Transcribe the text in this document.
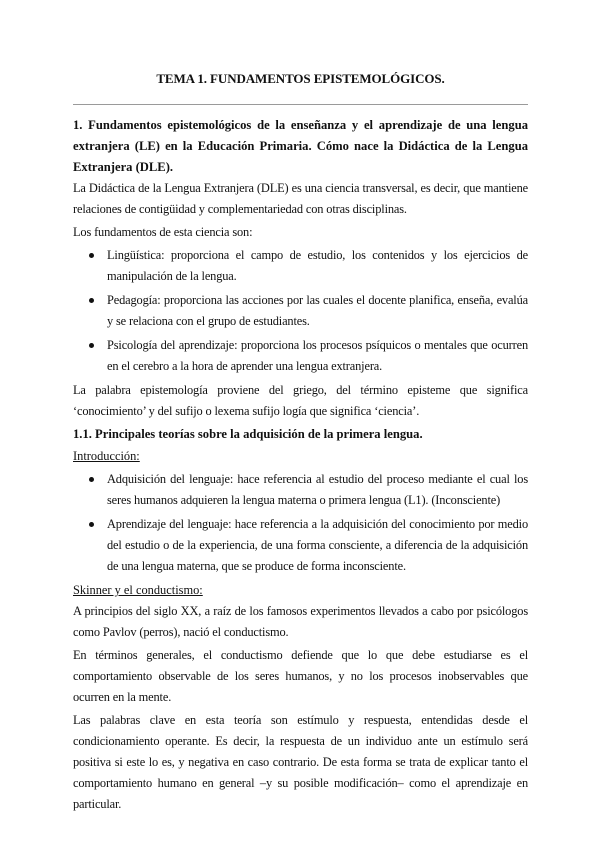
TEMA 1. FUNDAMENTOS EPISTEMOLÓGICOS.

1. Fundamentos epistemológicos de la enseñanza y el aprendizaje de una lengua extranjera (LE) en la Educación Primaria. Cómo nace la Didáctica de la Lengua Extranjera (DLE).

La Didáctica de la Lengua Extranjera (DLE) es una ciencia transversal, es decir, que mantiene relaciones de contigüidad y complementariedad con otras disciplinas.

Los fundamentos de esta ciencia son:

Lingüística: proporciona el campo de estudio, los contenidos y los ejercicios de manipulación de la lengua.
Pedagogía: proporciona las acciones por las cuales el docente planifica, enseña, evalúa y se relaciona con el grupo de estudiantes.
Psicología del aprendizaje: proporciona los procesos psíquicos o mentales que ocurren en el cerebro a la hora de aprender una lengua extranjera.

La palabra epistemología proviene del griego, del término episteme que significa ‘conocimiento’ y del sufijo o lexema sufijo logía que significa ‘ciencia’.

1.1. Principales teorías sobre la adquisición de la primera lengua.

Introducción:

Adquisición del lenguaje: hace referencia al estudio del proceso mediante el cual los seres humanos adquieren la lengua materna o primera lengua (L1). (Inconsciente)
Aprendizaje del lenguaje: hace referencia a la adquisición del conocimiento por medio del estudio o de la experiencia, de una forma consciente, a diferencia de la adquisición de una lengua materna, que se produce de forma inconsciente.

Skinner y el conductismo:

A principios del siglo XX, a raíz de los famosos experimentos llevados a cabo por psicólogos como Pavlov (perros), nació el conductismo.

En términos generales, el conductismo defiende que lo que debe estudiarse es el comportamiento observable de los seres humanos, y no los procesos inobservables que ocurren en la mente.

Las palabras clave en esta teoría son estímulo y respuesta, entendidas desde el condicionamiento operante. Es decir, la respuesta de un individuo ante un estímulo será positiva si este lo es, y negativa en caso contrario. De esta forma se trata de explicar tanto el comportamiento humano en general –y su posible modificación– como el aprendizaje en particular.
